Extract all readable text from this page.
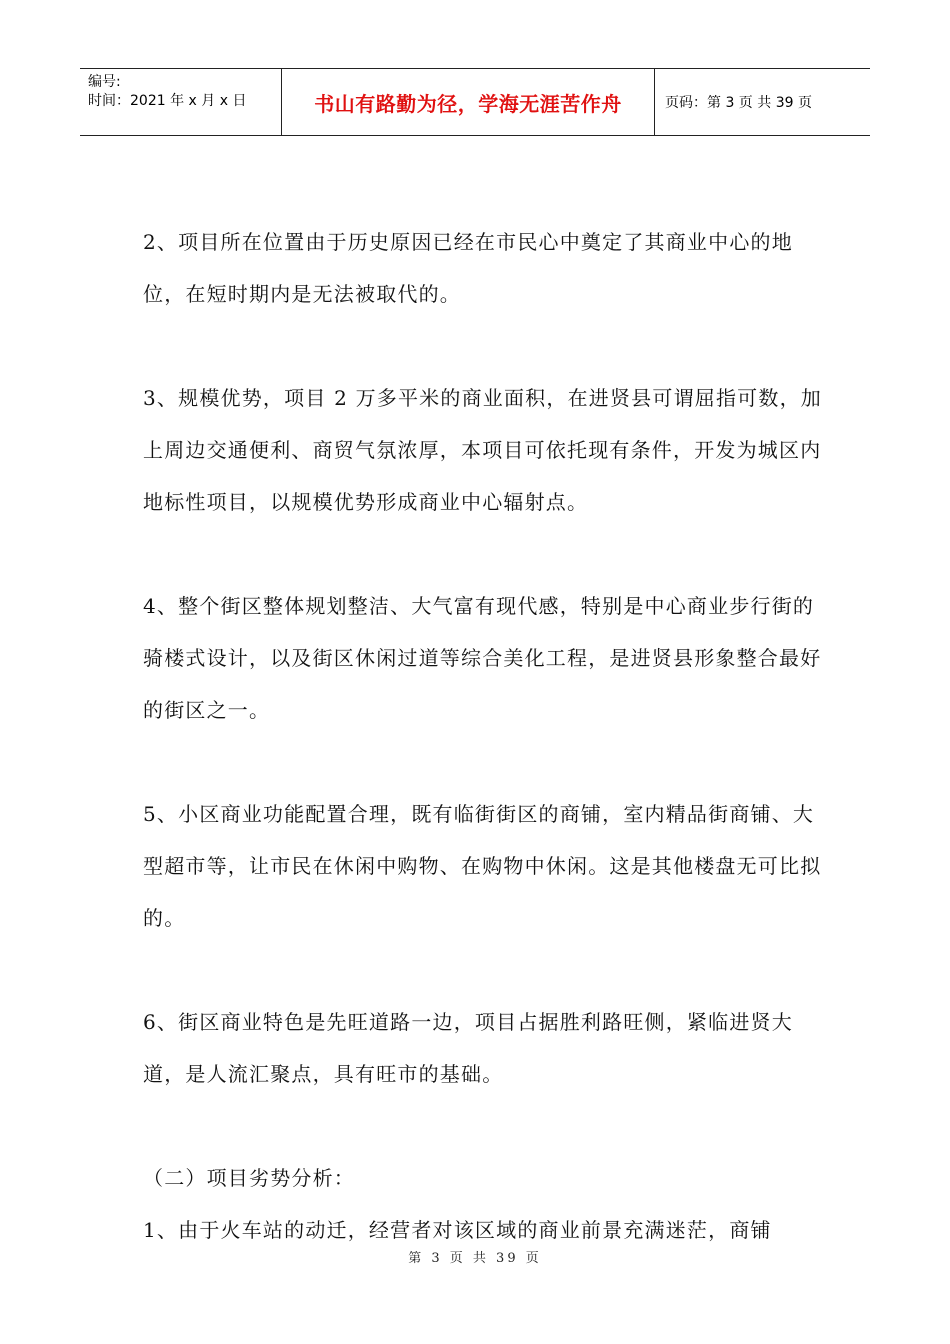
编号:
时间：2021 年 x 月 x 日	书山有路勤为径，学海无涯苦作舟	页码：第 3 页 共 39 页

2、项目所在位置由于历史原因已经在市民心中奠定了其商业中心的地位，在短时期内是无法被取代的。

3、规模优势，项目 2 万多平米的商业面积，在进贤县可谓屈指可数，加上周边交通便利、商贸气氛浓厚，本项目可依托现有条件，开发为城区内地标性项目，以规模优势形成商业中心辐射点。

4、整个街区整体规划整洁、大气富有现代感，特别是中心商业步行街的骑楼式设计，以及街区休闲过道等综合美化工程，是进贤县形象整合最好的街区之一。

5、小区商业功能配置合理，既有临街街区的商铺，室内精品街商铺、大型超市等，让市民在休闲中购物、在购物中休闲。这是其他楼盘无可比拟的。

6、街区商业特色是先旺道路一边，项目占据胜利路旺侧，紧临进贤大道，是人流汇聚点，具有旺市的基础。

（二）项目劣势分析：

1、由于火车站的动迁，经营者对该区域的商业前景充满迷茫，商铺

第 3 页 共 39 页
